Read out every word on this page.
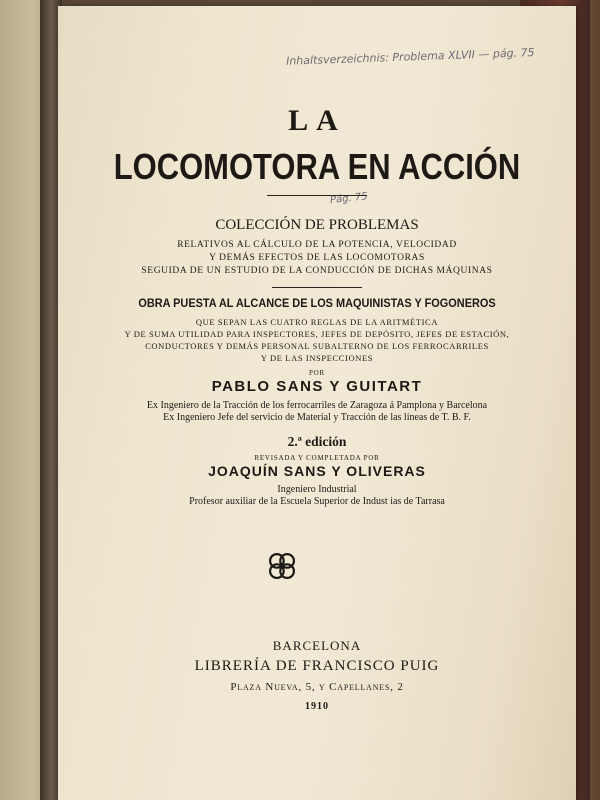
Inhaltsverzeichnis: Problema XLVII — pág. 75
Pág. 75
LA
LOCOMOTORA EN ACCIÓN
COLECCIÓN DE PROBLEMAS
RELATIVOS AL CÁLCULO DE LA POTENCIA, VELOCIDAD
Y DEMÁS EFECTOS DE LAS LOCOMOTORAS
SEGUIDA DE UN ESTUDIO DE LA CONDUCCIÓN DE DICHAS MÁQUINAS
OBRA PUESTA AL ALCANCE DE LOS MAQUINISTAS Y FOGONEROS
QUE SEPAN LAS CUATRO REGLAS DE LA ARITMÉTICA
Y DE SUMA UTILIDAD PARA INSPECTORES, JEFES DE DEPÓSITO, JEFES DE ESTACIÓN,
CONDUCTORES Y DEMÁS PERSONAL SUBALTERNO DE LOS FERROCARRILES
Y DE LAS INSPECCIONES
POR
PABLO SANS Y GUITART
Ex Ingeniero de la Tracción de los ferrocarriles de Zaragoza á Pamplona y Barcelona
Ex Ingeniero Jefe del servicio de Material y Tracción de las líneas de T. B. F.
2.ª edición
REVISADA Y COMPLETADA POR
JOAQUÍN SANS Y OLIVERAS
Ingeniero Industrial
Profesor auxiliar de la Escuela Superior de Indust ias de Tarrasa
BARCELONA
LIBRERÍA DE FRANCISCO PUIG
Plaza Nueva, 5, y Capellanes, 2
1910
